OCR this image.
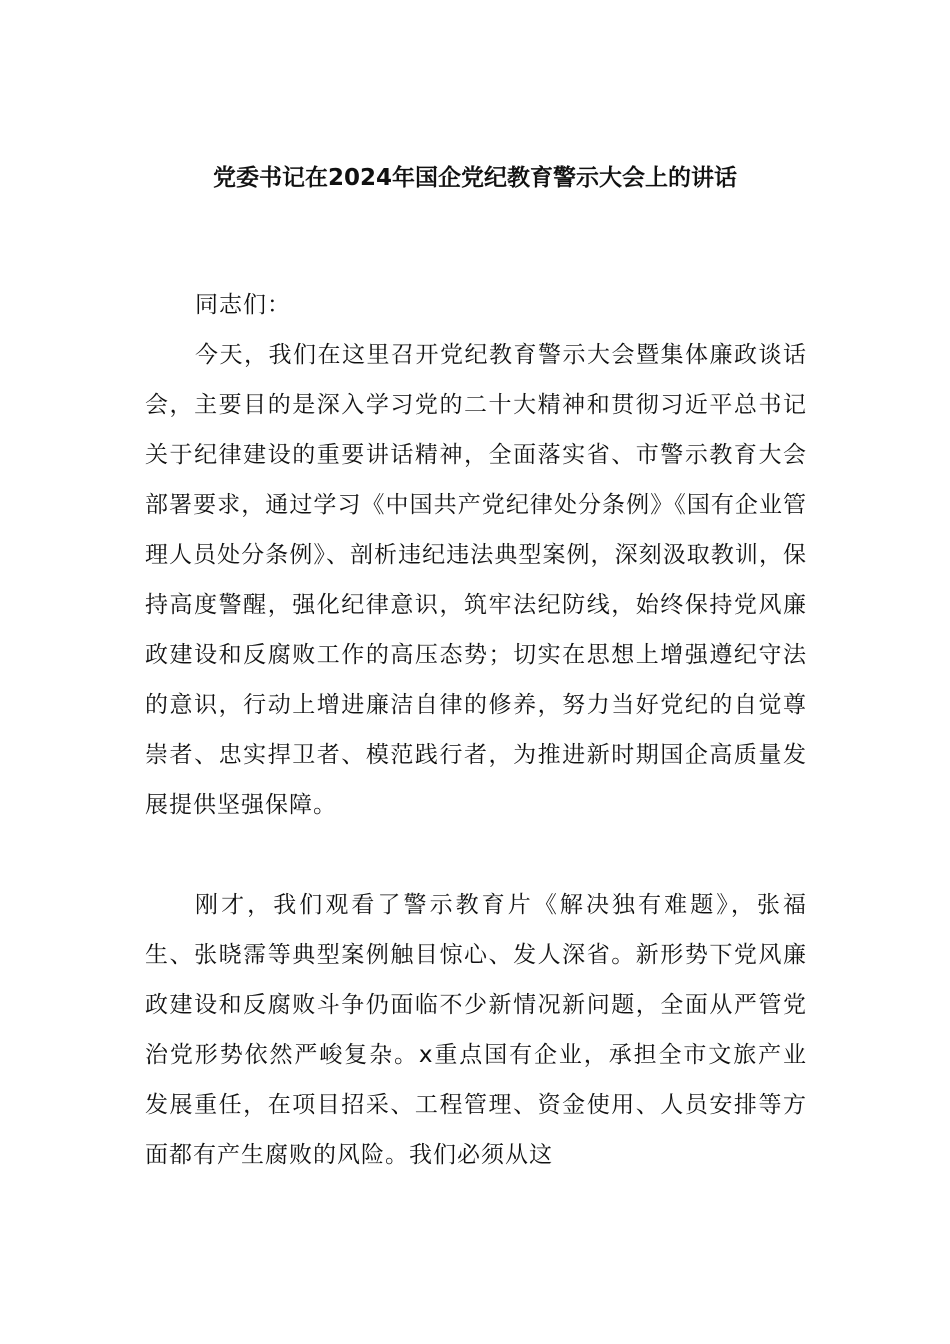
党委书记在2024年国企党纪教育警示大会上的讲话

同志们：

今天，我们在这里召开党纪教育警示大会暨集体廉政谈话会，主要目的是深入学习党的二十大精神和贯彻习近平总书记关于纪律建设的重要讲话精神，全面落实省、市警示教育大会部署要求，通过学习《中国共产党纪律处分条例》《国有企业管理人员处分条例》、剖析违纪违法典型案例，深刻汲取教训，保持高度警醒，强化纪律意识，筑牢法纪防线，始终保持党风廉政建设和反腐败工作的高压态势；切实在思想上增强遵纪守法的意识，行动上增进廉洁自律的修养，努力当好党纪的自觉尊崇者、忠实捍卫者、模范践行者，为推进新时期国企高质量发展提供坚强保障。

刚才，我们观看了警示教育片《解决独有难题》，张福生、张晓霈等典型案例触目惊心、发人深省。新形势下党风廉政建设和反腐败斗争仍面临不少新情况新问题，全面从严管党治党形势依然严峻复杂。x重点国有企业，承担全市文旅产业发展重任，在项目招采、工程管理、资金使用、人员安排等方面都有产生腐败的风险。我们必须从这
